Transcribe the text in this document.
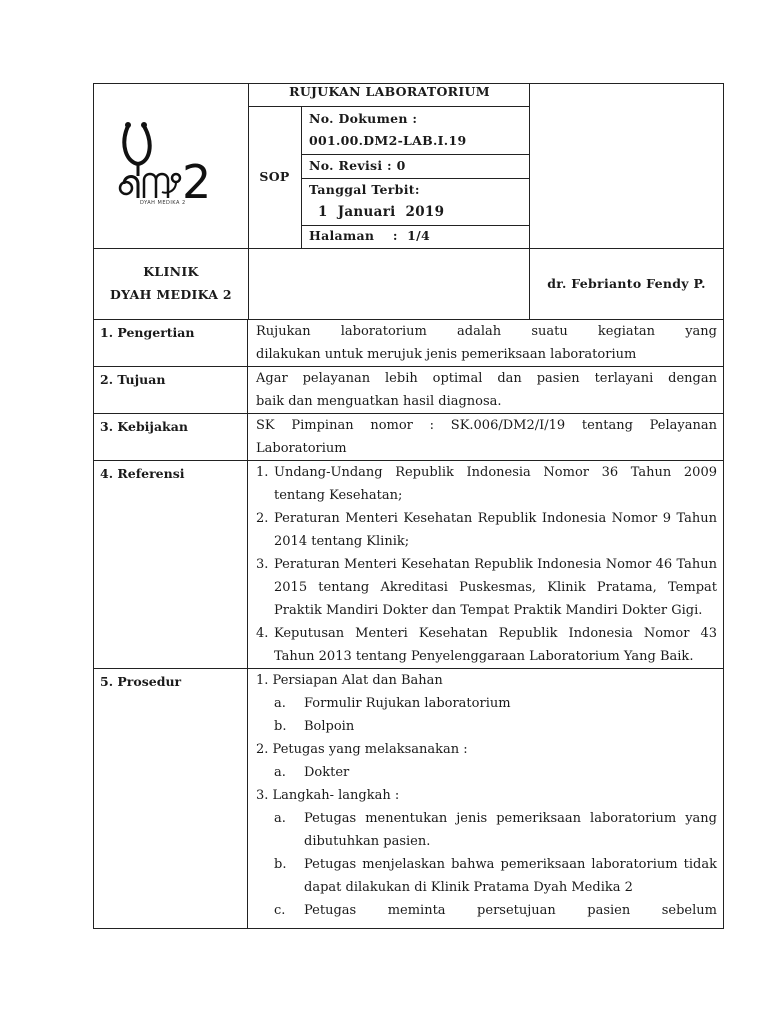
2
DYAH MEDIKA 2
RUJUKAN LABORATORIUM
SOP
No. Dokumen :
001.00.DM2-LAB.I.19
No. Revisi : 0
Tanggal Terbit:
1  Januari  2019
Halaman    :  1/4
KLINIK
DYAH MEDIKA 2
dr. Febrianto Fendy P.
1. Pengertian	Rujukan laboratorium adalah suatu kegiatan yang
dilakukan untuk merujuk jenis pemeriksaan laboratorium
2. Tujuan	Agar pelayanan lebih optimal dan pasien terlayani dengan
baik dan menguatkan hasil diagnosa.
3. Kebijakan	SK Pimpinan nomor : SK.006/DM2/I/19 tentang Pelayanan
Laboratorium
4. Referensi	1. Undang-Undang Republik Indonesia Nomor 36 Tahun 2009 tentang Kesehatan;
2. Peraturan Menteri Kesehatan Republik Indonesia Nomor 9 Tahun 2014 tentang Klinik;
3. Peraturan Menteri Kesehatan Republik Indonesia Nomor 46 Tahun 2015 tentang Akreditasi Puskesmas, Klinik Pratama, Tempat Praktik Mandiri Dokter dan Tempat Praktik Mandiri Dokter Gigi.
4. Keputusan Menteri Kesehatan Republik Indonesia Nomor 43 Tahun 2013 tentang Penyelenggaraan Laboratorium Yang Baik.
5. Prosedur	1. Persiapan Alat dan Bahan
a.	Formulir Rujukan laboratorium
b.	Bolpoin
2. Petugas yang melaksanakan :
a.	Dokter
3. Langkah- langkah :
a.	Petugas menentukan jenis pemeriksaan laboratorium yang dibutuhkan pasien.
b.	Petugas menjelaskan bahwa pemeriksaan laboratorium tidak dapat dilakukan di Klinik Pratama Dyah Medika 2
c.	Petugas meminta persetujuan pasien sebelum
